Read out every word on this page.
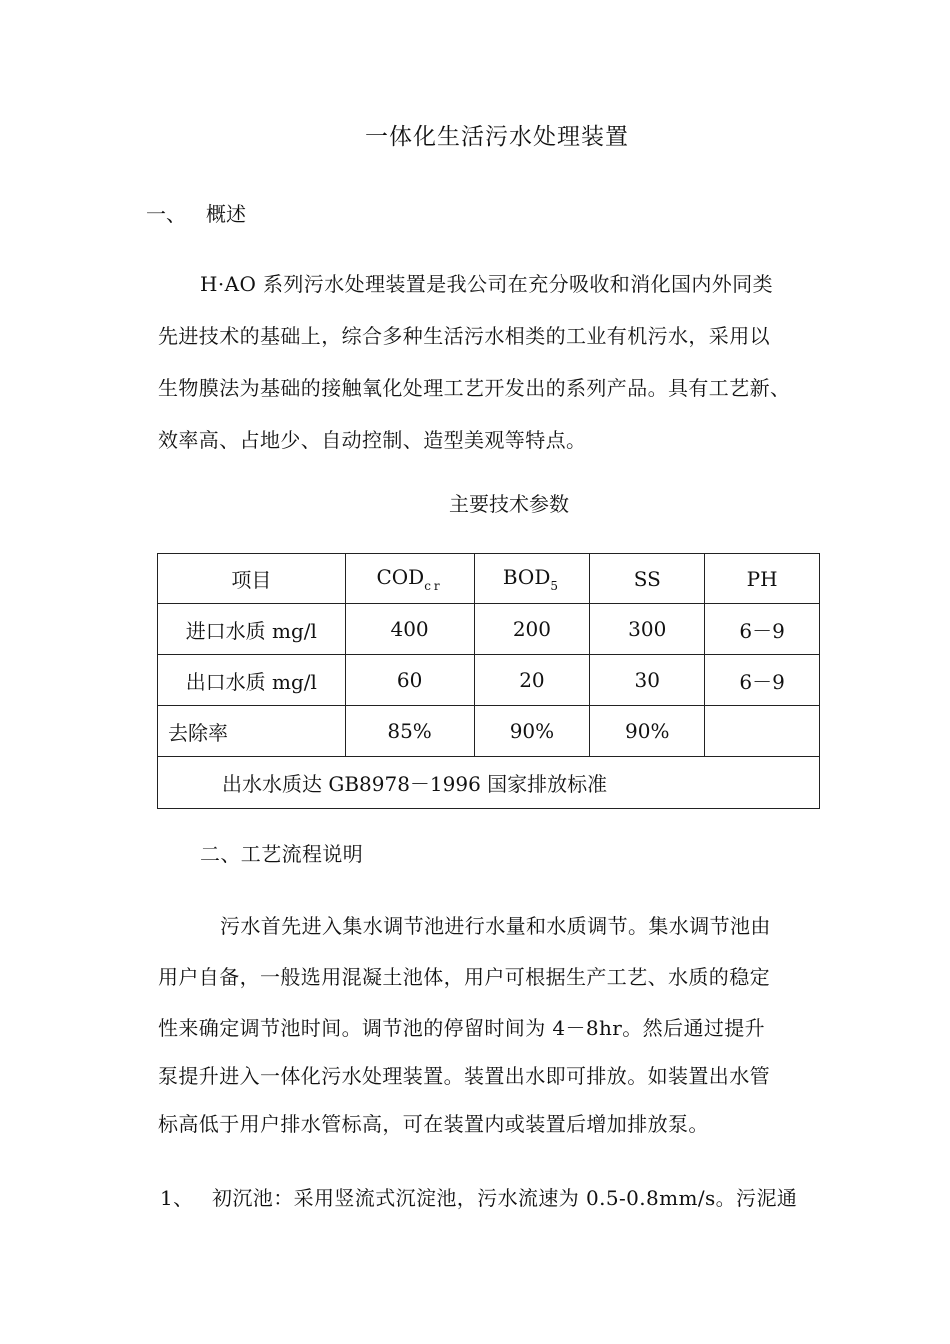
一体化生活污水处理装置
一、 概述
H·AO 系列污水处理装置是我公司在充分吸收和消化国内外同类
先进技术的基础上，综合多种生活污水相类的工业有机污水，采用以
生物膜法为基础的接触氧化处理工艺开发出的系列产品。具有工艺新、
效率高、占地少、自动控制、造型美观等特点。
主要技术参数
项目	$COD_{cr}$	$BOD_5$	SS	PH
进口水质 mg/l	400	200	300	6－9
出口水质 mg/l	60	20	30	6－9
去除率	85%	90%	90%	
出水水质达 GB8978－1996 国家排放标准				
二、工艺流程说明
污水首先进入集水调节池进行水量和水质调节。集水调节池由
用户自备，一般选用混凝土池体，用户可根据生产工艺、水质的稳定
性来确定调节池时间。调节池的停留时间为 4－8hr。然后通过提升
泵提升进入一体化污水处理装置。装置出水即可排放。如装置出水管
标高低于用户排水管标高，可在装置内或装置后增加排放泵。
1、 初沉池：采用竖流式沉淀池，污水流速为 0.5-0.8mm/s。污泥通
